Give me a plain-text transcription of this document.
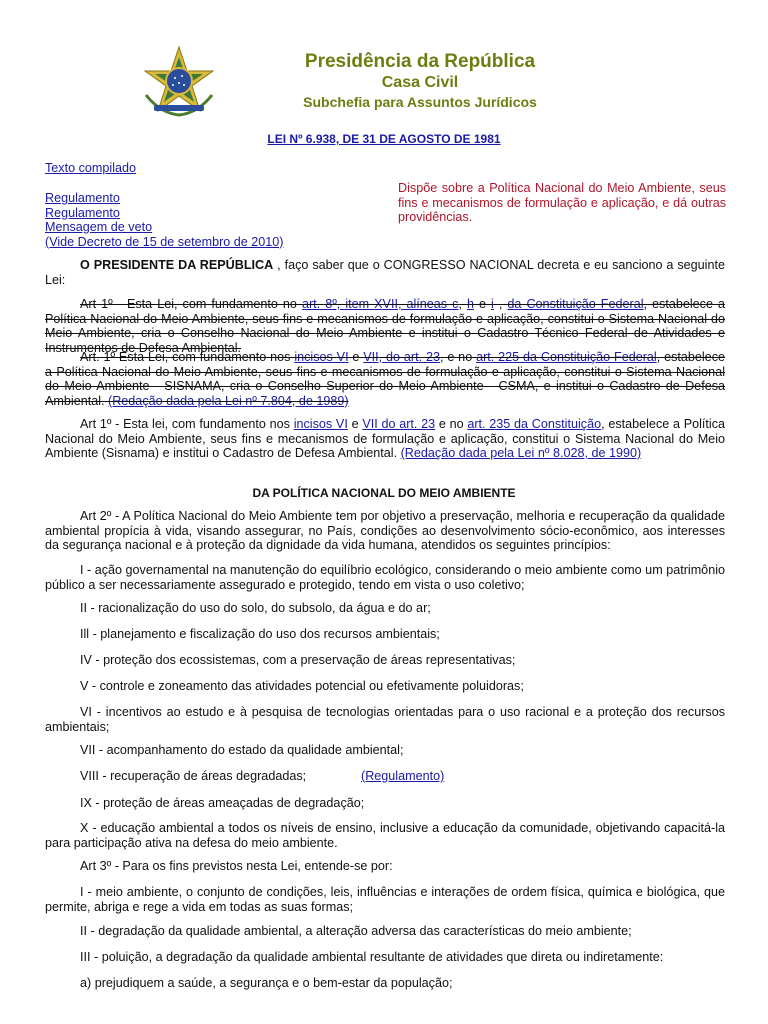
Presidência da República
Casa Civil
Subchefia para Assuntos Jurídicos
LEI Nº 6.938, DE 31 DE AGOSTO DE 1981
Texto compilado
Regulamento
Regulamento
Mensagem de veto
(Vide Decreto de 15 de setembro de 2010)
Dispõe sobre a Política Nacional do Meio Ambiente, seus fins e mecanismos de formulação e aplicação, e dá outras providências.
O PRESIDENTE DA REPÚBLICA , faço saber que o CONGRESSO NACIONAL decreta e eu sanciono a seguinte Lei:
Art 1º - Esta Lei, com fundamento no art. 8º, item XVII, alíneas c, h e i , da Constituição Federal, estabelece a Política Nacional do Meio Ambiente, seus fins e mecanismos de formulação e aplicação, constitui o Sistema Nacional do Meio Ambiente, cria o Conselho Nacional do Meio Ambiente e institui o Cadastro Técnico Federal de Atividades e Instrumentos de Defesa Ambiental.
Art. 1º Esta Lei, com fundamento nos incisos VI e VII, do art. 23, e no art. 225 da Constituição Federal, estabelece a Política Nacional do Meio Ambiente, seus fins e mecanismos de formulação e aplicação, constitui o Sistema Nacional do Meio Ambiente - SISNAMA, cria o Conselho Superior do Meio Ambiente - CSMA, e institui o Cadastro de Defesa Ambiental. (Redação dada pela Lei nº 7.804, de 1989)
Art 1º - Esta lei, com fundamento nos incisos VI e VII do art. 23 e no art. 235 da Constituição, estabelece a Política Nacional do Meio Ambiente, seus fins e mecanismos de formulação e aplicação, constitui o Sistema Nacional do Meio Ambiente (Sisnama) e institui o Cadastro de Defesa Ambiental. (Redação dada pela Lei nº 8.028, de 1990)
DA POLÍTICA NACIONAL DO MEIO AMBIENTE
Art 2º - A Política Nacional do Meio Ambiente tem por objetivo a preservação, melhoria e recuperação da qualidade ambiental propícia à vida, visando assegurar, no País, condições ao desenvolvimento sócio-econômico, aos interesses da segurança nacional e à proteção da dignidade da vida humana, atendidos os seguintes princípios:
I - ação governamental na manutenção do equilíbrio ecológico, considerando o meio ambiente como um patrimônio público a ser necessariamente assegurado e protegido, tendo em vista o uso coletivo;
II - racionalização do uso do solo, do subsolo, da água e do ar;
Ill - planejamento e fiscalização do uso dos recursos ambientais;
IV - proteção dos ecossistemas, com a preservação de áreas representativas;
V - controle e zoneamento das atividades potencial ou efetivamente poluidoras;
VI - incentivos ao estudo e à pesquisa de tecnologias orientadas para o uso racional e a proteção dos recursos ambientais;
VII - acompanhamento do estado da qualidade ambiental;
VIII - recuperação de áreas degradadas;	(Regulamento)
IX - proteção de áreas ameaçadas de degradação;
X - educação ambiental a todos os níveis de ensino, inclusive a educação da comunidade, objetivando capacitá-la para participação ativa na defesa do meio ambiente.
Art 3º - Para os fins previstos nesta Lei, entende-se por:
I - meio ambiente, o conjunto de condições, leis, influências e interações de ordem física, química e biológica, que permite, abriga e rege a vida em todas as suas formas;
II - degradação da qualidade ambiental, a alteração adversa das características do meio ambiente;
III - poluição, a degradação da qualidade ambiental resultante de atividades que direta ou indiretamente:
a) prejudiquem a saúde, a segurança e o bem-estar da população;
